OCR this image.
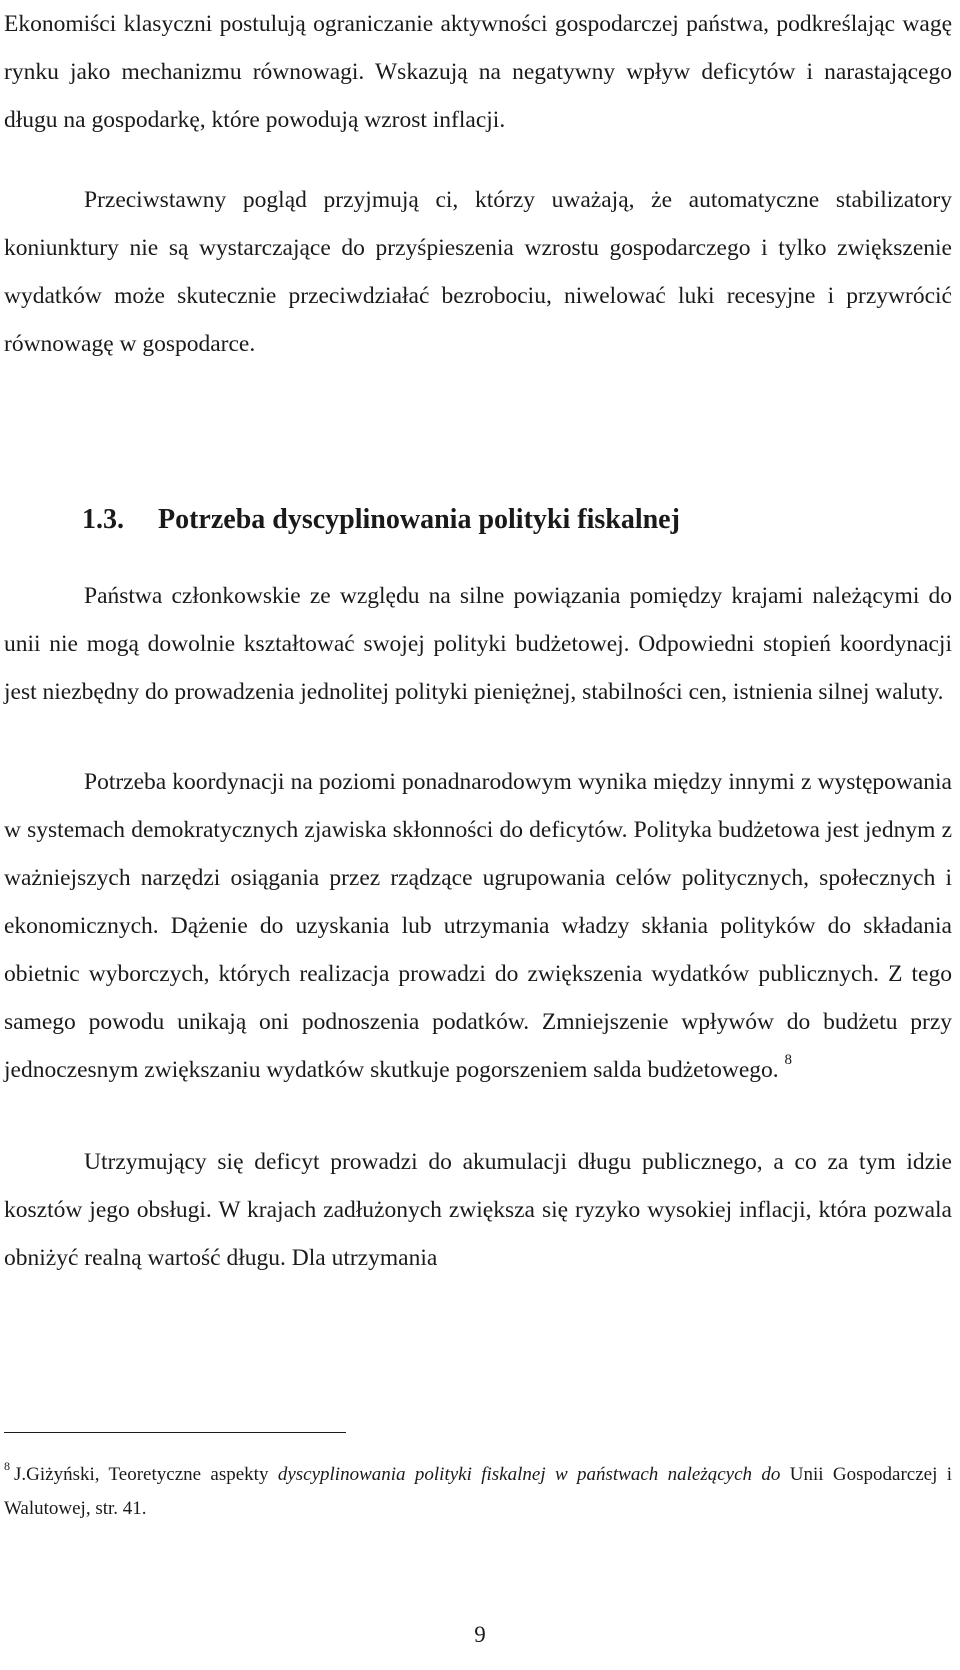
Ekonomiści klasyczni postulują ograniczanie aktywności gospodarczej państwa, podkreślając wagę rynku jako mechanizmu równowagi. Wskazują na negatywny wpływ deficytów i narastającego długu na gospodarkę, które powodują wzrost inflacji.

Przeciwstawny pogląd przyjmują ci, którzy uważają, że automatyczne stabilizatory koniunktury nie są wystarczające do przyśpieszenia wzrostu gospodarczego i tylko zwiększenie wydatków może skutecznie przeciwdziałać bezrobociu, niwelować luki recesyjne i przywrócić równowagę w gospodarce.

1.3. Potrzeba dyscyplinowania polityki fiskalnej

Państwa członkowskie ze względu na silne powiązania pomiędzy krajami należącymi do unii nie mogą dowolnie kształtować swojej polityki budżetowej. Odpowiedni stopień koordynacji jest niezbędny do prowadzenia jednolitej polityki pieniężnej, stabilności cen, istnienia silnej waluty.

Potrzeba koordynacji na poziomi ponadnarodowym wynika między innymi z występowania w systemach demokratycznych zjawiska skłonności do deficytów. Polityka budżetowa jest jednym z ważniejszych narzędzi osiągania przez rządzące ugrupowania celów politycznych, społecznych i ekonomicznych. Dążenie do uzyskania lub utrzymania władzy skłania polityków do składania obietnic wyborczych, których realizacja prowadzi do zwiększenia wydatków publicznych. Z tego samego powodu unikają oni podnoszenia podatków. Zmniejszenie wpływów do budżetu przy jednoczesnym zwiększaniu wydatków skutkuje pogorszeniem salda budżetowego. $^8$

Utrzymujący się deficyt prowadzi do akumulacji długu publicznego, a co za tym idzie kosztów jego obsługi. W krajach zadłużonych zwiększa się ryzyko wysokiej inflacji, która pozwala obniżyć realną wartość długu. Dla utrzymania

$^8$ J.Giżyński, Teoretyczne aspekty dyscyplinowania polityki fiskalnej w państwach należących do Unii Gospodarczej i Walutowej, str. 41.

9
